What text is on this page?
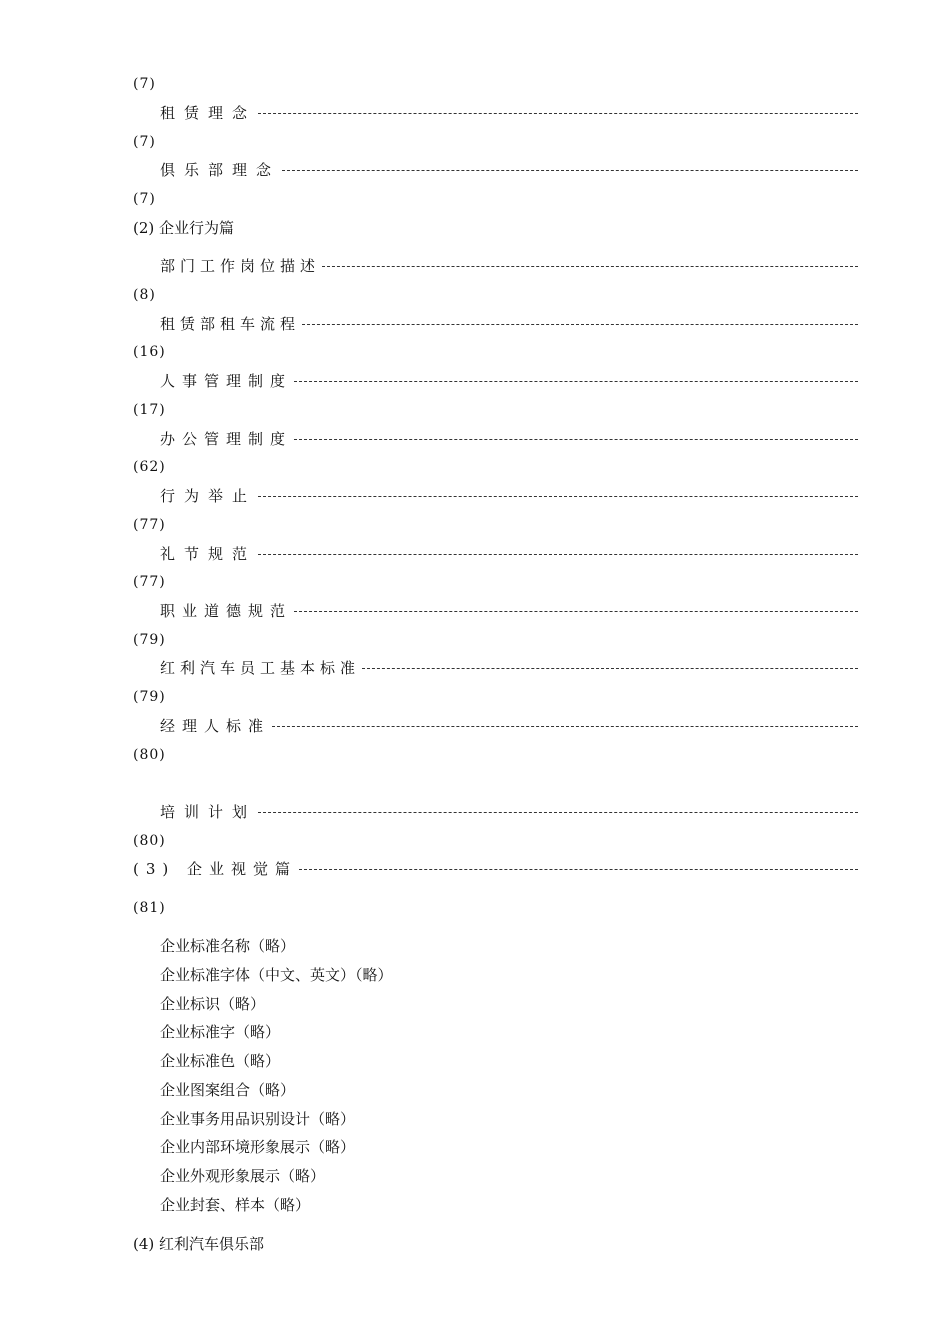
(7)
租赁理念
(7)
俱乐部理念
(7)
(2) 企业行为篇
部门工作岗位描述
(8)
租赁部租车流程
(16)
人事管理制度
(17)
办公管理制度
(62)
行为举止
(77)
礼节规范
(77)
职业道德规范
(79)
红利汽车员工基本标准
(79)
经理人标准
(80)
培训计划
(80)
(3) 企业视觉篇
(81)
企业标准名称（略）
企业标准字体（中文、英文）（略）
企业标识（略）
企业标准字（略）
企业标准色（略）
企业图案组合（略）
企业事务用品识别设计（略）
企业内部环境形象展示（略）
企业外观形象展示（略）
企业封套、样本（略）
(4) 红利汽车俱乐部
